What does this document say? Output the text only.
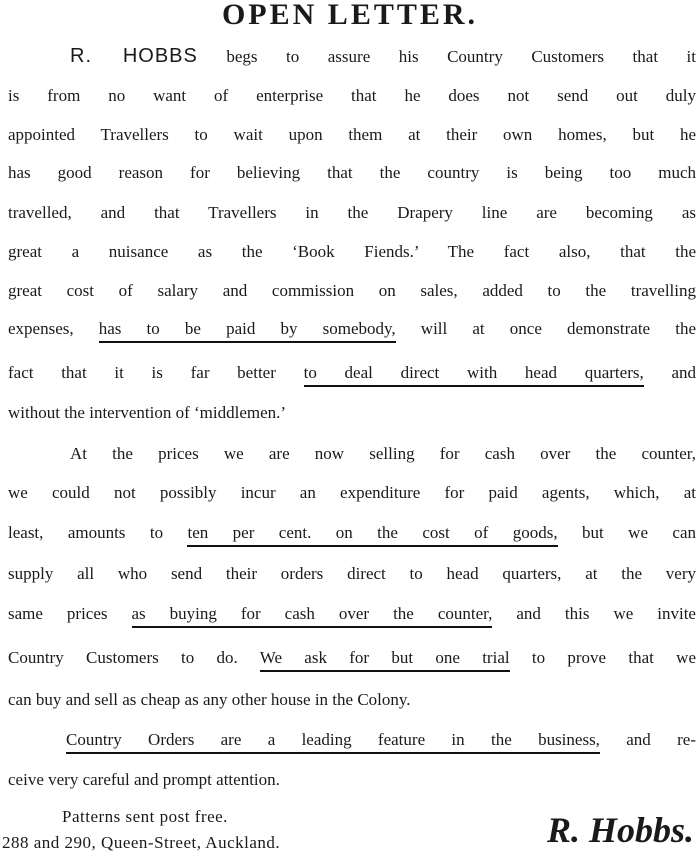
OPEN LETTER.

R. HOBBS begs to assure his Country Customers that it

is from no want of enterprise that he does not send out duly

appointed Travellers to wait upon them at their own homes, but he

has good reason for believing that the country is being too much

travelled, and that Travellers in the Drapery line are becoming as

great a nuisance as the ‘Book Fiends.’ The fact also, that the

great cost of salary and commission on sales, added to the travelling

expenses, has to be paid by somebody, will at once demonstrate the

fact that it is far better to deal direct with head quarters, and

without the intervention of ‘middlemen.’

At the prices we are now selling for cash over the counter,

we could not possibly incur an expenditure for paid agents, which, at

least, amounts to ten per cent. on the cost of goods, but we can

supply all who send their orders direct to head quarters, at the very

same prices as buying for cash over the counter, and this we invite

Country Customers to do. We ask for but one trial to prove that we

can buy and sell as cheap as any other house in the Colony.

Country Orders are a leading feature in the business, and re-

ceive very careful and prompt attention.

Patterns sent post free.

288 and 290, Queen-Street, Auckland.	R. Hobbs.
